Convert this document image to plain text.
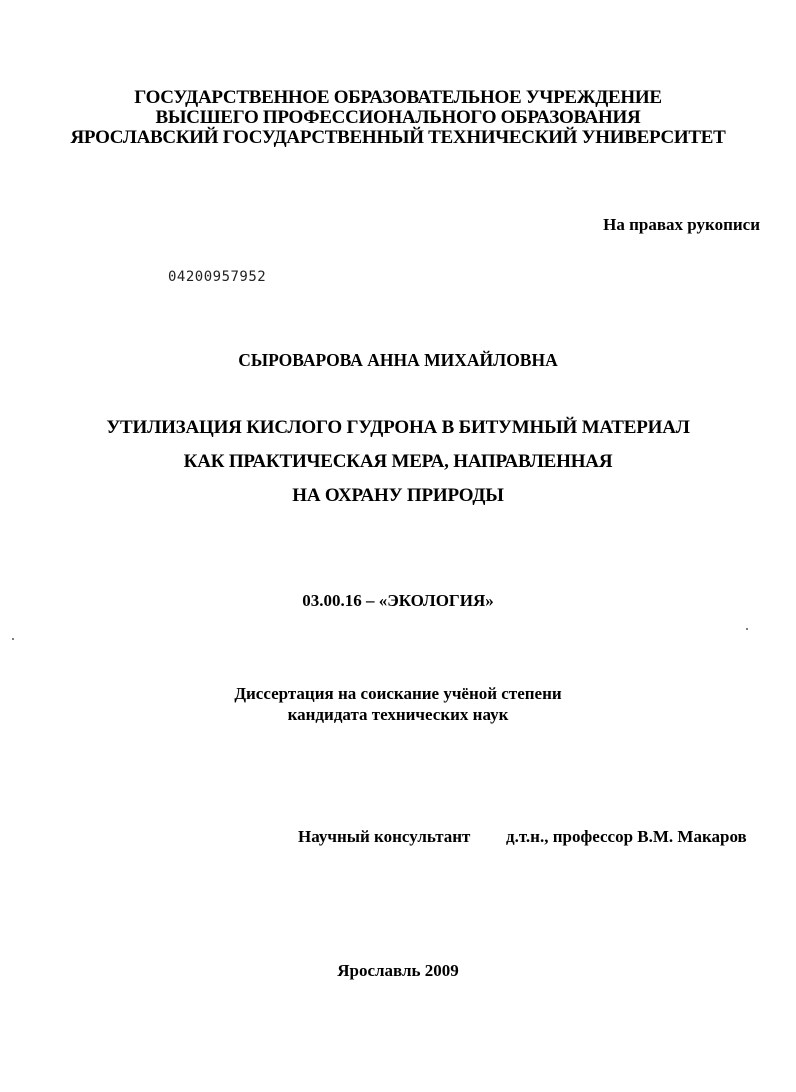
ГОСУДАРСТВЕННОЕ ОБРАЗОВАТЕЛЬНОЕ УЧРЕЖДЕНИЕ
ВЫСШЕГО ПРОФЕССИОНАЛЬНОГО ОБРАЗОВАНИЯ
ЯРОСЛАВСКИЙ ГОСУДАРСТВЕННЫЙ ТЕХНИЧЕСКИЙ УНИВЕРСИТЕТ
На правах рукописи
04200957952
СЫРОВАРОВА АННА МИХАЙЛОВНА
УТИЛИЗАЦИЯ КИСЛОГО ГУДРОНА В БИТУМНЫЙ МАТЕРИАЛ
КАК ПРАКТИЧЕСКАЯ МЕРА, НАПРАВЛЕННАЯ
НА ОХРАНУ ПРИРОДЫ
03.00.16 – «ЭКОЛОГИЯ»
Диссертация на соискание учёной степени
кандидата технических наук
Научный консультант д.т.н., профессор В.М. Макаров
Ярославль 2009
